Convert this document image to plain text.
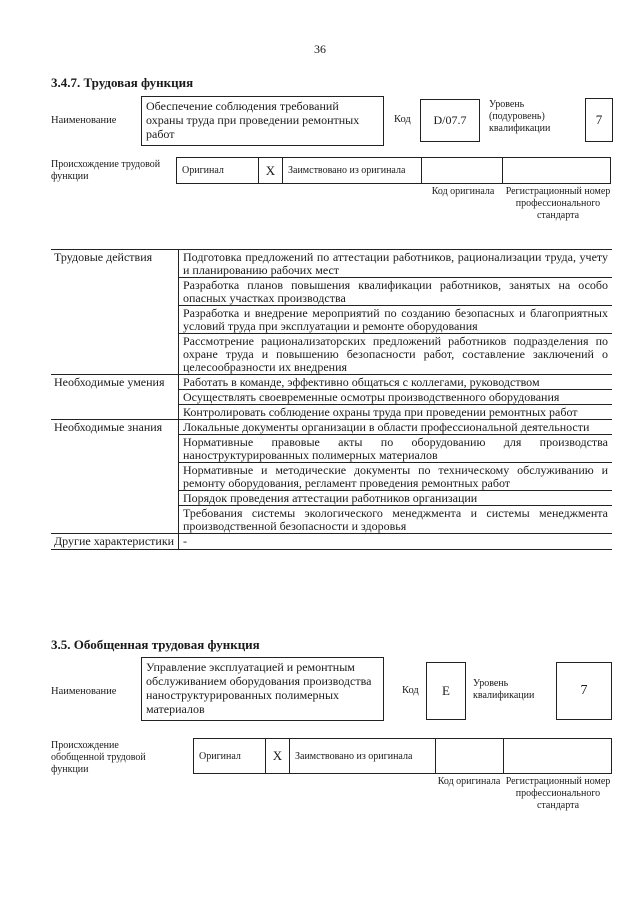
36
3.4.7. Трудовая функция
Наименование
Обеспечение соблюдения требований охраны труда при проведении ремонтных работ
Код	D/07.7
Уровень (подуровень) квалификации
7
Происхождение трудовой функции
Оригинал	X	Заимствовано из оригинала
Код оригинала	Регистрационный номер профессионального стандарта
Трудовые действия	Подготовка предложений по аттестации работников, рационализации труда, учету и планированию рабочих мест
Разработка планов повышения квалификации работников, занятых на особо опасных участках производства
Разработка и внедрение мероприятий по созданию безопасных и благоприятных условий труда при эксплуатации и ремонте оборудования
Рассмотрение рационализаторских предложений работников подразделения по охране труда и повышению безопасности работ, составление заключений о целесообразности их внедрения
Необходимые умения	Работать в команде, эффективно общаться с коллегами, руководством
Осуществлять своевременные осмотры производственного оборудования
Контролировать соблюдение охраны труда при проведении ремонтных работ
Необходимые знания	Локальные документы организации в области профессиональной деятельности
Нормативные правовые акты по оборудованию для производства наноструктурированных полимерных материалов
Нормативные и методические документы по техническому обслуживанию и ремонту оборудования, регламент проведения ремонтных работ
Порядок проведения аттестации работников организации
Требования системы экологического менеджмента и системы менеджмента производственной безопасности и здоровья
Другие характеристики -
3.5. Обобщенная трудовая функция
Наименование
Управление эксплуатацией и ремонтным обслуживанием оборудования производства наноструктурированных полимерных материалов
Код	E	Уровень квалификации	7
Происхождение обобщенной трудовой функции
Оригинал	X	Заимствовано из оригинала
Код оригинала Регистрационный номер профессионального стандарта
